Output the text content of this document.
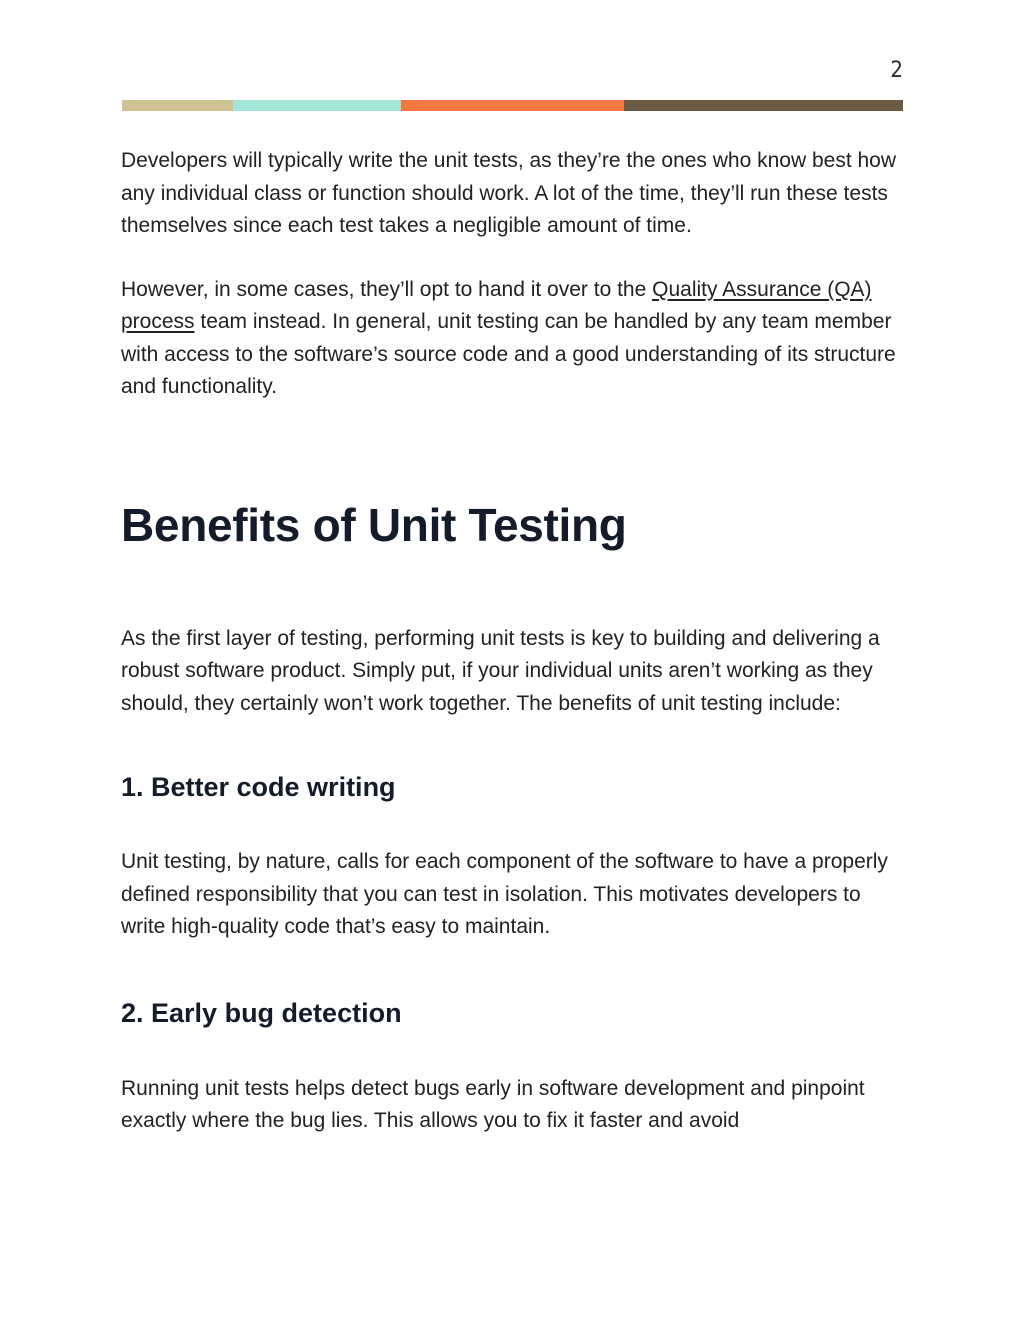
2

Developers will typically write the unit tests, as they’re the ones who know best how any individual class or function should work. A lot of the time, they’ll run these tests themselves since each test takes a negligible amount of time.

However, in some cases, they’ll opt to hand it over to the Quality Assurance (QA) process team instead. In general, unit testing can be handled by any team member with access to the software’s source code and a good understanding of its structure and functionality.

Benefits of Unit Testing

As the first layer of testing, performing unit tests is key to building and delivering a robust software product. Simply put, if your individual units aren’t working as they should, they certainly won’t work together. The benefits of unit testing include:

1. Better code writing

Unit testing, by nature, calls for each component of the software to have a properly defined responsibility that you can test in isolation. This motivates developers to write high-quality code that’s easy to maintain.

2. Early bug detection

Running unit tests helps detect bugs early in software development and pinpoint exactly where the bug lies. This allows you to fix it faster and avoid
